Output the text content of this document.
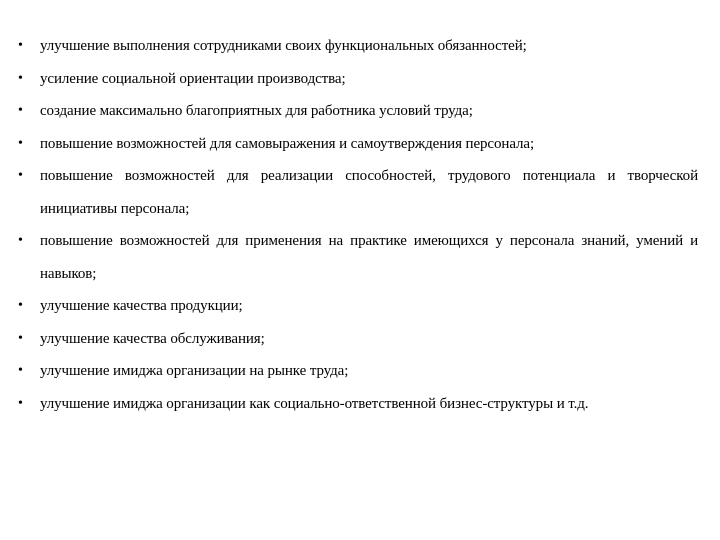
• улучшение выполнения сотрудниками своих функциональных обязанностей;
• усиление социальной ориентации производства;
• создание максимально благоприятных для работника условий труда;
• повышение возможностей для самовыражения и самоутверждения персонала;
• повышение возможностей для реализации способностей, трудового потенциала и творческой инициативы персонала;
• повышение возможностей для применения на практике имеющихся у персонала знаний, умений и навыков;
• улучшение качества продукции;
• улучшение качества обслуживания;
• улучшение имиджа организации на рынке труда;
• улучшение имиджа организации как социально-ответственной бизнес-структуры и т.д.
